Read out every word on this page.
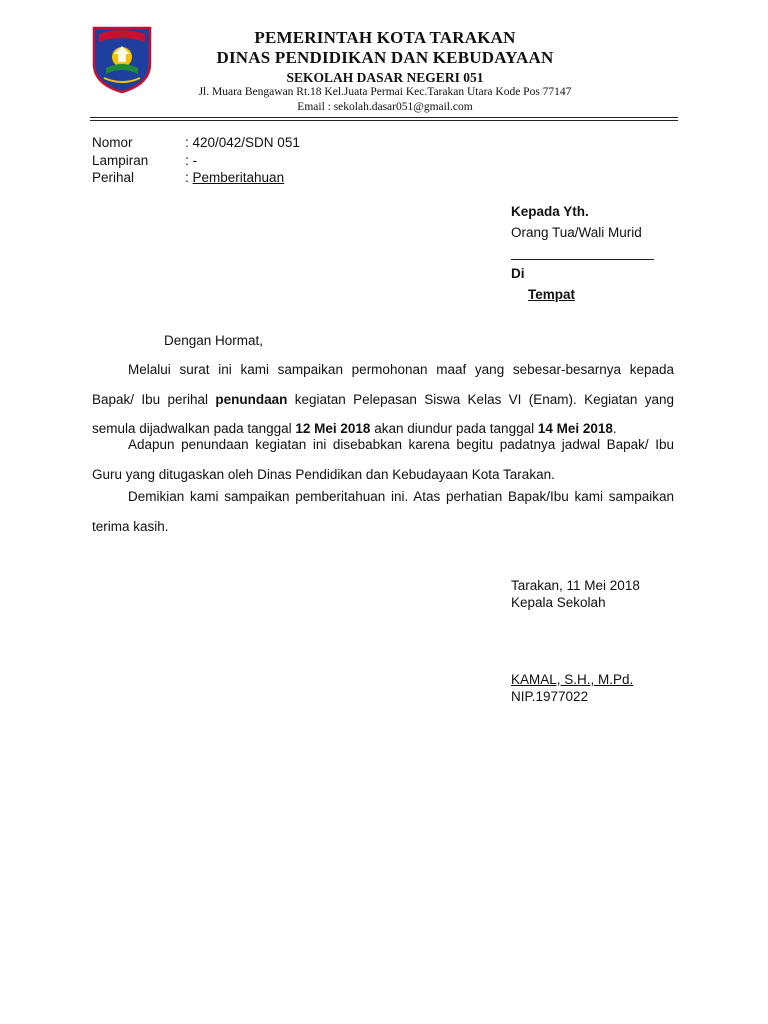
PEMERINTAH KOTA TARAKAN
DINAS PENDIDIKAN DAN KEBUDAYAAN
SEKOLAH DASAR NEGERI 051
Jl. Muara Bengawan Rt.18 Kel.Juata Permai Kec.Tarakan Utara Kode Pos 77147
Email : sekolah.dasar051@gmail.com
Nomor	: 420/042/SDN 051
Lampiran	: -
Perihal	: Pemberitahuan
Kepada Yth.
Orang Tua/Wali Murid
Di
Tempat
Dengan Hormat,
Melalui surat ini kami sampaikan permohonan maaf yang sebesar-besarnya kepada Bapak/ Ibu perihal penundaan kegiatan Pelepasan Siswa Kelas VI (Enam). Kegiatan yang semula dijadwalkan pada tanggal 12 Mei 2018 akan diundur pada tanggal 14 Mei 2018.
Adapun penundaan kegiatan ini disebabkan karena begitu padatnya jadwal Bapak/ Ibu Guru yang ditugaskan oleh Dinas Pendidikan dan Kebudayaan Kota Tarakan.
Demikian kami sampaikan pemberitahuan ini. Atas perhatian Bapak/Ibu kami sampaikan terima kasih.
Tarakan, 11 Mei 2018
Kepala Sekolah
KAMAL, S.H., M.Pd.
NIP.1977022
